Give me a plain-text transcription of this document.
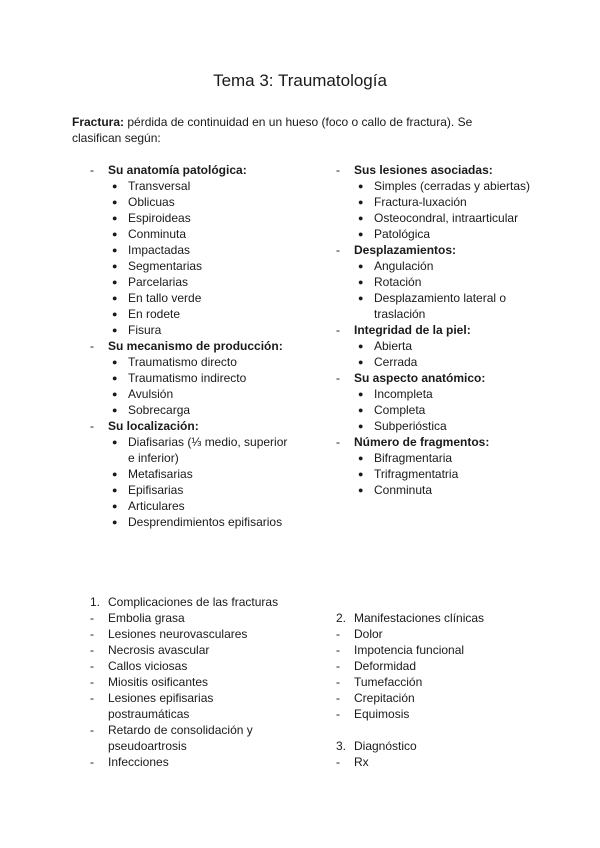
Tema 3: Traumatología
Fractura: pérdida de continuidad en un hueso (foco o callo de fractura). Se clasifican según:
-	Su anatomía patológica:
● Transversal
● Oblicuas
● Espiroideas
● Conminuta
● Impactadas
● Segmentarias
● Parcelarias
● En tallo verde
● En rodete
● Fisura
-	Su mecanismo de producción:
● Traumatismo directo
● Traumatismo indirecto
● Avulsión
● Sobrecarga
-	Su localización:
● Diafisarias (⅓ medio, superior e inferior)
● Metafisarias
● Epifisarias
● Articulares
● Desprendimientos epifisarios
-	Sus lesiones asociadas:
● Simples (cerradas y abiertas)
● Fractura-luxación
● Osteocondral, intraarticular
● Patológica
-	Desplazamientos:
● Angulación
● Rotación
● Desplazamiento lateral o traslación
-	Integridad de la piel:
● Abierta
● Cerrada
-	Su aspecto anatómico:
● Incompleta
● Completa
● Subperióstica
-	Número de fragmentos:
● Bifragmentaria
● Trifragmentatria
● Conminuta
1. Complicaciones de las fracturas
-	Embolia grasa
-	Lesiones neurovasculares
-	Necrosis avascular
-	Callos viciosas
-	Miositis osificantes
-	Lesiones epifisarias postraumáticas
-	Retardo de consolidación y pseudoartrosis
-	Infecciones
2. Manifestaciones clínicas
-	Dolor
-	Impotencia funcional
-	Deformidad
-	Tumefacción
-	Crepitación
-	Equimosis
3. Diagnóstico
-	Rx
